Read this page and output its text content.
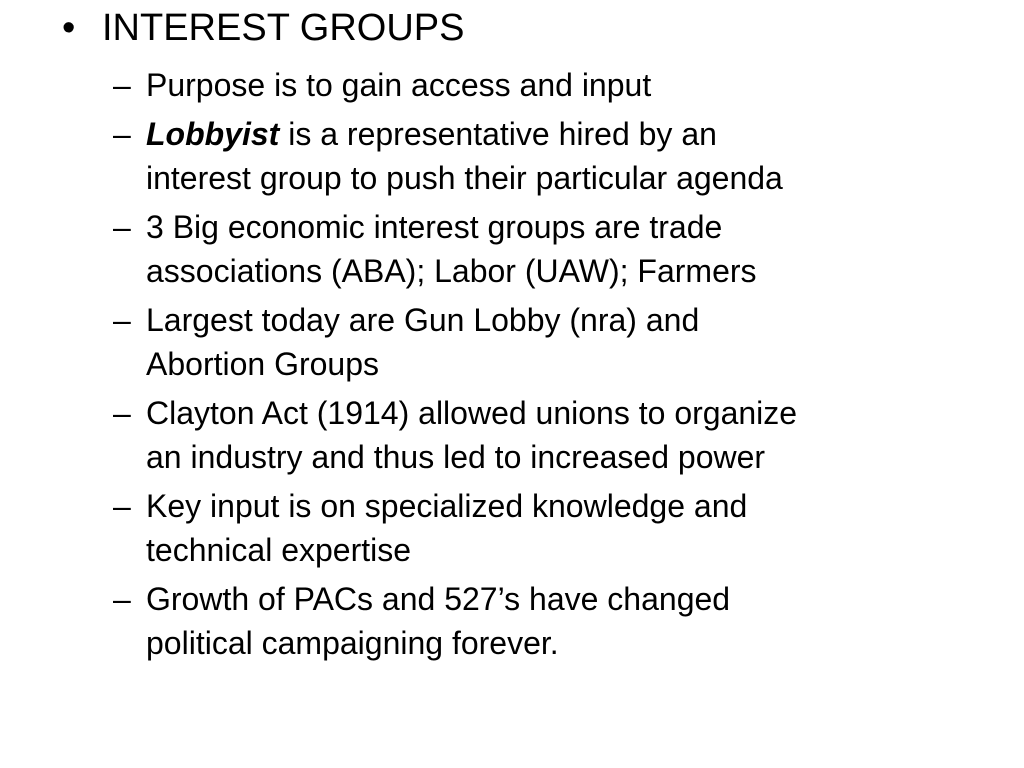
• INTEREST GROUPS
– Purpose is to gain access and input
– Lobbyist is a representative hired by an
interest group to push their particular agenda
– 3 Big economic interest groups are trade
associations (ABA); Labor (UAW); Farmers
– Largest today are Gun Lobby (nra) and
Abortion Groups
– Clayton Act (1914) allowed unions to organize
an industry and thus led to increased power
– Key input is on specialized knowledge and
technical expertise
– Growth of PACs and 527’s have changed
political campaigning forever.
